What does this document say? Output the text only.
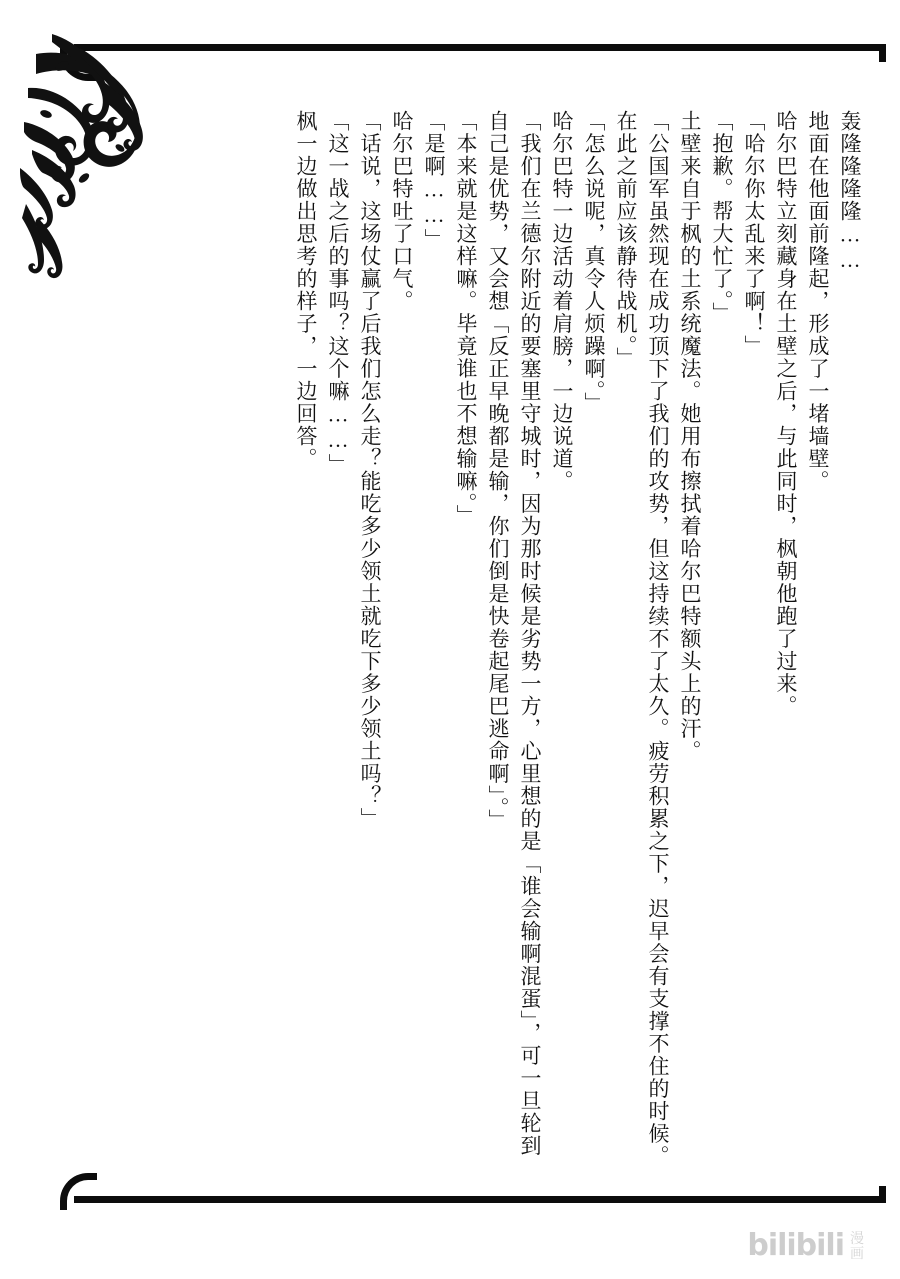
轰隆隆隆隆……
地面在他面前隆起，形成了一堵墙壁。
哈尔巴特立刻藏身在土壁之后，与此同时，枫朝他跑了过来。
「哈尔你太乱来了啊！」
「抱歉。帮大忙了。」
土壁来自于枫的土系统魔法。她用布擦拭着哈尔巴特额头上的汗。
「公国军虽然现在成功顶下了我们的攻势，但这持续不了太久。疲劳积累之下，迟早会有支撑不住的时候。
在此之前应该静待战机。」
「怎么说呢，真令人烦躁啊。」
哈尔巴特一边活动着肩膀，一边说道。
「我们在兰德尔附近的要塞里守城时，因为那时候是劣势一方，心里想的是「谁会输啊混蛋」，可一旦轮到
自己是优势，又会想「反正早晚都是输，你们倒是快卷起尾巴逃命啊」。」
「本来就是这样嘛。毕竟谁也不想输嘛。」
「是啊……」
哈尔巴特吐了口气。
「话说，这场仗赢了后我们怎么走？能吃多少领土就吃下多少领土吗？」
「这一战之后的事吗？这个嘛……」
枫一边做出思考的样子，一边回答。
bilibili 漫画
